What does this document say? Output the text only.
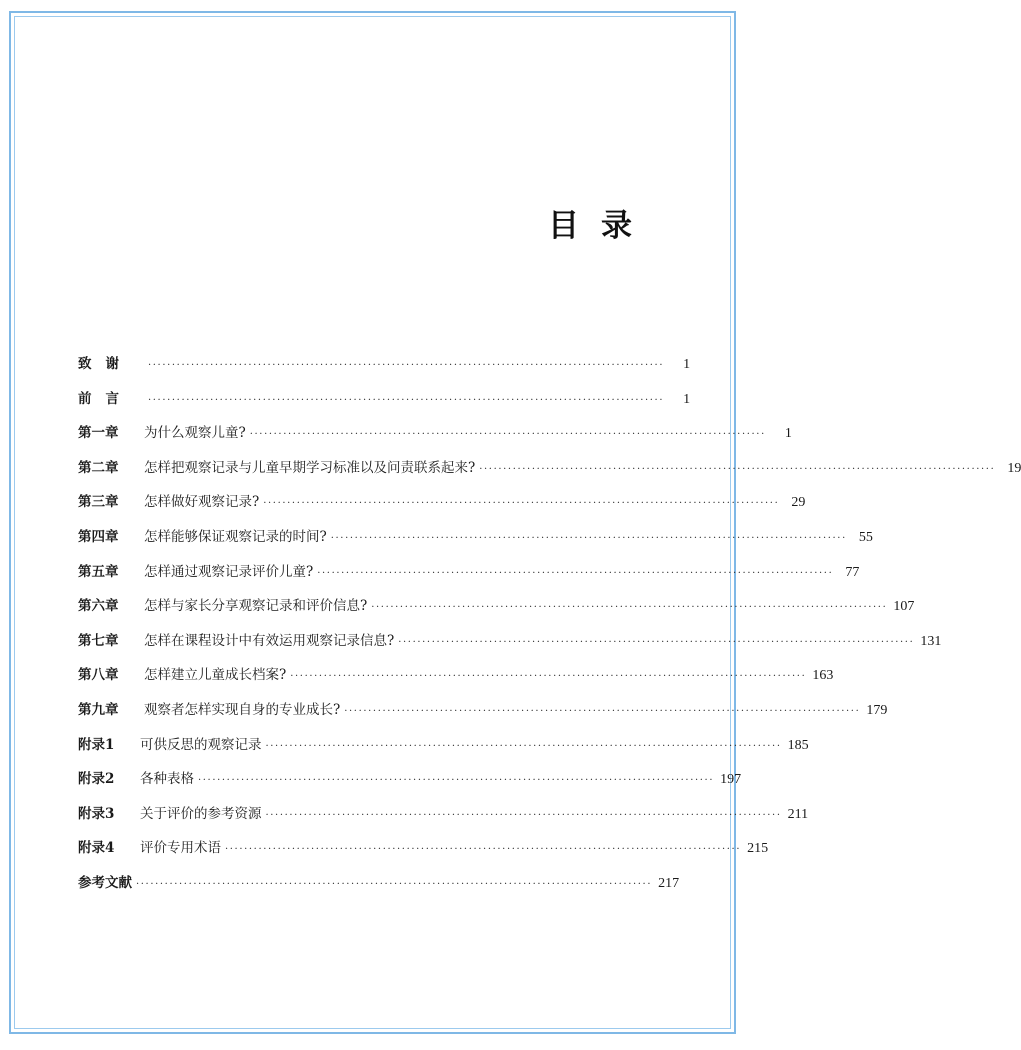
目录
致谢	············································································································	1
前言	············································································································	1
第一章	为什么观察儿童? ············································································································	1
第二章	怎样把观察记录与儿童早期学习标准以及问责联系起来? ············································································································ 19
第三章	怎样做好观察记录? ············································································································ 29
第四章	怎样能够保证观察记录的时间? ············································································································ 55
第五章	怎样通过观察记录评价儿童? ············································································································ 77
第六章	怎样与家长分享观察记录和评价信息? ············································································································ 107
第七章	怎样在课程设计中有效运用观察记录信息? ············································································································ 131
第八章	怎样建立儿童成长档案? ············································································································ 163
第九章	观察者怎样实现自身的专业成长? ············································································································ 179
附录1	可供反思的观察记录 ············································································································ 185
附录2	各种表格 ············································································································ 197
附录3	关于评价的参考资源 ············································································································ 211
附录4	评价专用术语 ············································································································ 215
参考文献 ············································································································ 217
